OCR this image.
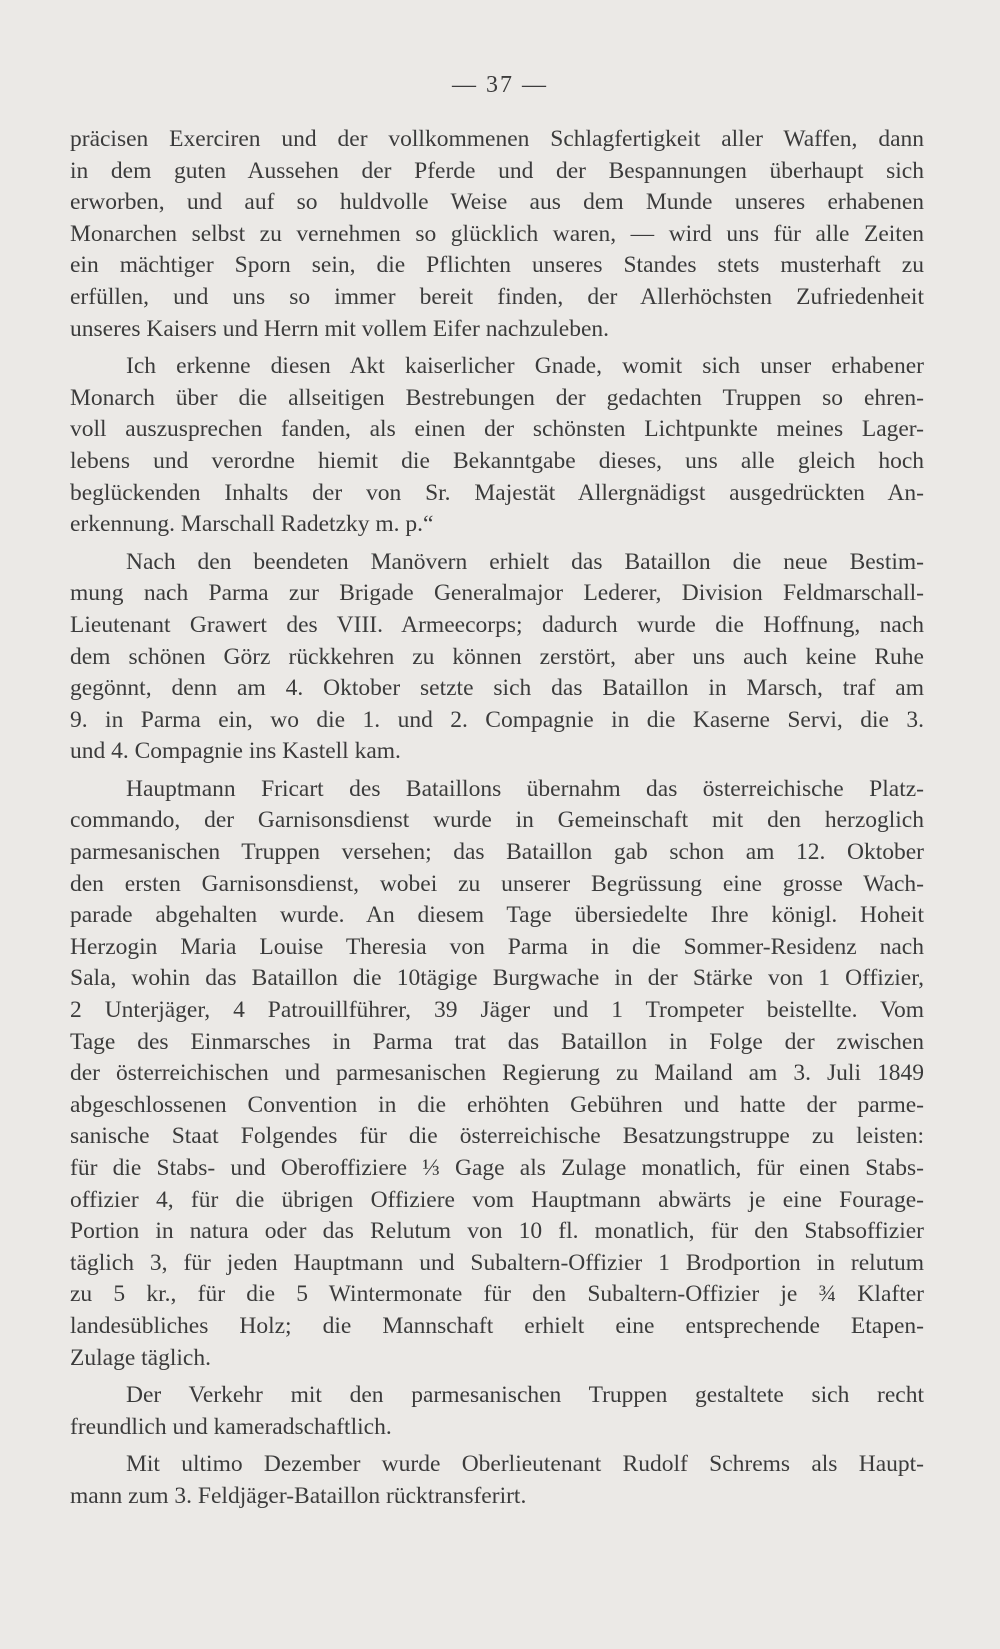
— 37 —
präcisen Exerciren und der vollkommenen Schlagfertigkeit aller Waffen, dann
in dem guten Aussehen der Pferde und der Bespannungen überhaupt sich
erworben, und auf so huldvolle Weise aus dem Munde unseres erhabenen
Monarchen selbst zu vernehmen so glücklich waren, — wird uns für alle Zeiten
ein mächtiger Sporn sein, die Pflichten unseres Standes stets musterhaft zu
erfüllen, und uns so immer bereit finden, der Allerhöchsten Zufriedenheit
unseres Kaisers und Herrn mit vollem Eifer nachzuleben.
Ich erkenne diesen Akt kaiserlicher Gnade, womit sich unser erhabener
Monarch über die allseitigen Bestrebungen der gedachten Truppen so ehren-
voll auszusprechen fanden, als einen der schönsten Lichtpunkte meines Lager-
lebens und verordne hiemit die Bekanntgabe dieses, uns alle gleich hoch
beglückenden Inhalts der von Sr. Majestät Allergnädigst ausgedrückten An-
erkennung. Marschall Radetzky m. p.“
Nach den beendeten Manövern erhielt das Bataillon die neue Bestim-
mung nach Parma zur Brigade Generalmajor Lederer, Division Feldmarschall-
Lieutenant Grawert des VIII. Armeecorps; dadurch wurde die Hoffnung, nach
dem schönen Görz rückkehren zu können zerstört, aber uns auch keine Ruhe
gegönnt, denn am 4. Oktober setzte sich das Bataillon in Marsch, traf am
9. in Parma ein, wo die 1. und 2. Compagnie in die Kaserne Servi, die 3.
und 4. Compagnie ins Kastell kam.
Hauptmann Fricart des Bataillons übernahm das österreichische Platz-
commando, der Garnisonsdienst wurde in Gemeinschaft mit den herzoglich
parmesanischen Truppen versehen; das Bataillon gab schon am 12. Oktober
den ersten Garnisonsdienst, wobei zu unserer Begrüssung eine grosse Wach-
parade abgehalten wurde. An diesem Tage übersiedelte Ihre königl. Hoheit
Herzogin Maria Louise Theresia von Parma in die Sommer-Residenz nach
Sala, wohin das Bataillon die 10tägige Burgwache in der Stärke von 1 Offizier,
2 Unterjäger, 4 Patrouillführer, 39 Jäger und 1 Trompeter beistellte. Vom
Tage des Einmarsches in Parma trat das Bataillon in Folge der zwischen
der österreichischen und parmesanischen Regierung zu Mailand am 3. Juli 1849
abgeschlossenen Convention in die erhöhten Gebühren und hatte der parme-
sanische Staat Folgendes für die österreichische Besatzungstruppe zu leisten:
für die Stabs- und Oberoffiziere ⅓ Gage als Zulage monatlich, für einen Stabs-
offizier 4, für die übrigen Offiziere vom Hauptmann abwärts je eine Fourage-
Portion in natura oder das Relutum von 10 fl. monatlich, für den Stabsoffizier
täglich 3, für jeden Hauptmann und Subaltern-Offizier 1 Brodportion in relutum
zu 5 kr., für die 5 Wintermonate für den Subaltern-Offizier je ¾ Klafter
landesübliches Holz; die Mannschaft erhielt eine entsprechende Etapen-
Zulage täglich.
Der Verkehr mit den parmesanischen Truppen gestaltete sich recht
freundlich und kameradschaftlich.
Mit ultimo Dezember wurde Oberlieutenant Rudolf Schrems als Haupt-
mann zum 3. Feldjäger-Bataillon rücktransferirt.
